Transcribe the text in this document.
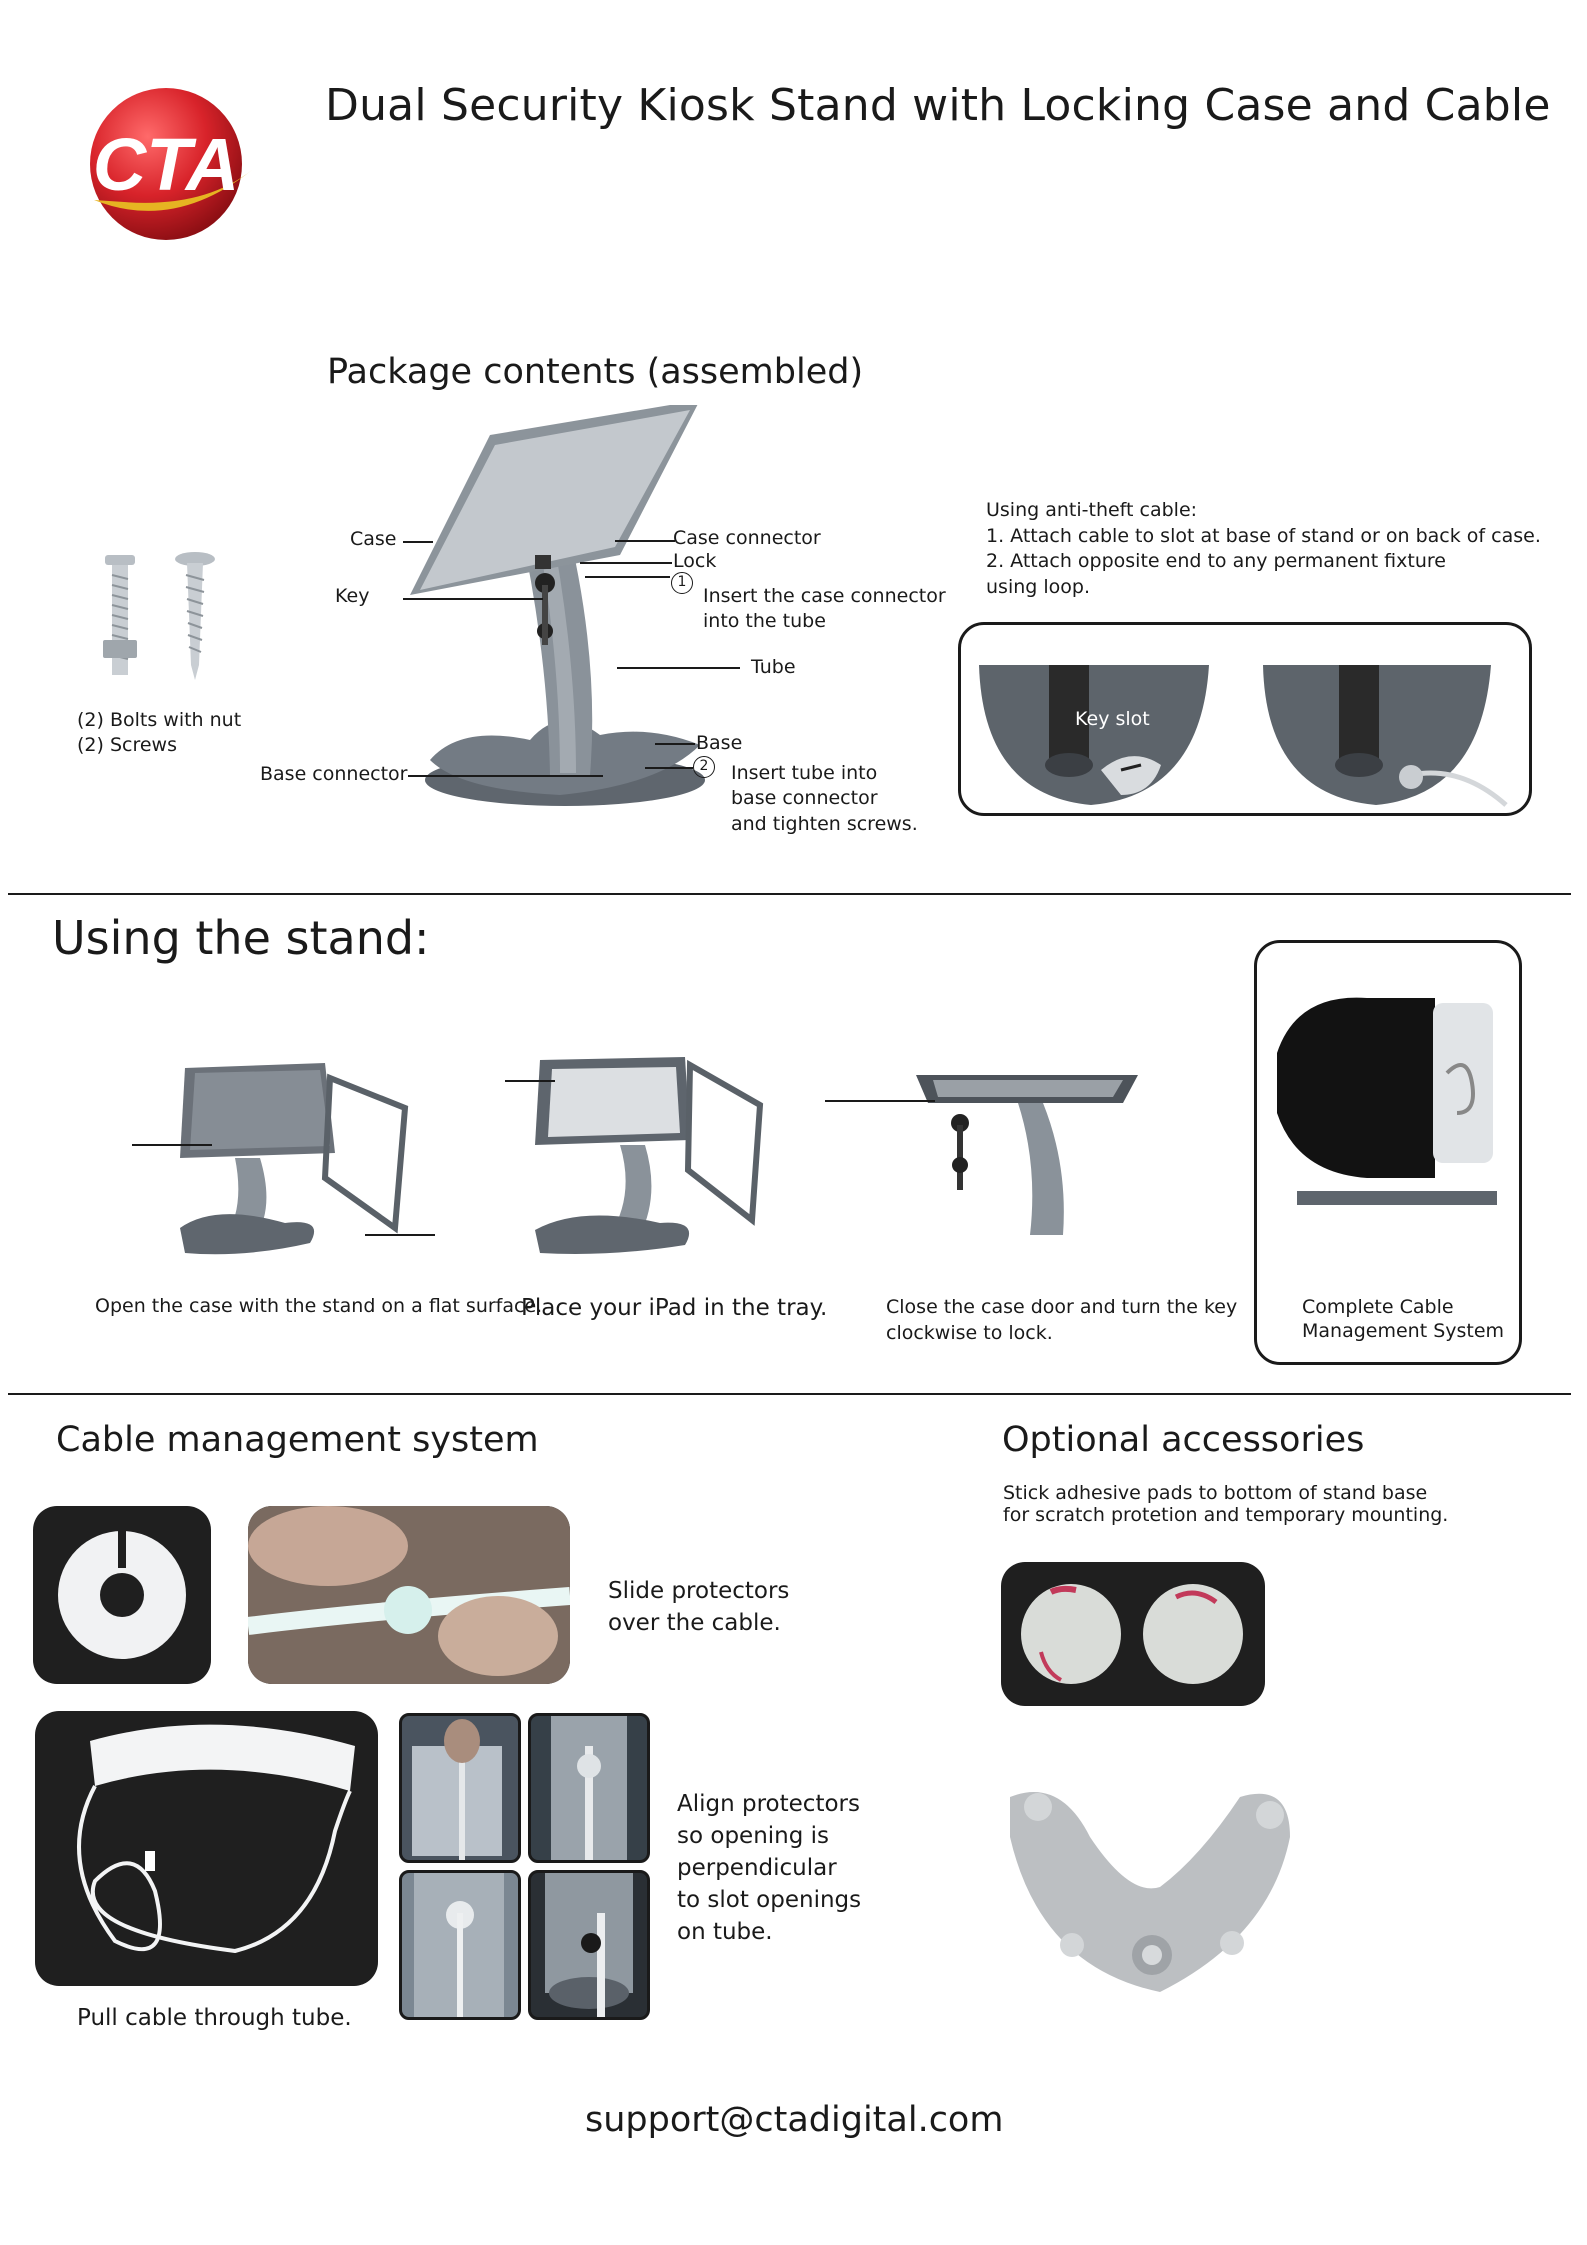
CTA
Dual Security Kiosk Stand with Locking Case and Cable
Package contents (assembled)
(2) Bolts with nut
(2) Screws
Case
Key
Base connector
Case connector
Lock
1
Insert the case connector
into the tube
Tube
Base
2	Insert tube into
base connector
and tighten screws.
Using anti-theft cable:
1. Attach cable to slot at base of stand or on back of case.
2. Attach opposite end to any permanent fixture
using loop.
Key slot
Using the stand:
Open the case with the stand on a flat surface.
Place your iPad in the tray.	Close the case door and turn the key
clockwise to lock.
Complete Cable
Management System
Cable management system
Slide protectors
over the cable.
Pull cable through tube.
Align protectors
so opening is
perpendicular
to slot openings
on tube.
Optional accessories
Stick adhesive pads to bottom of stand base
for scratch protetion and temporary mounting.
support@ctadigital.com
